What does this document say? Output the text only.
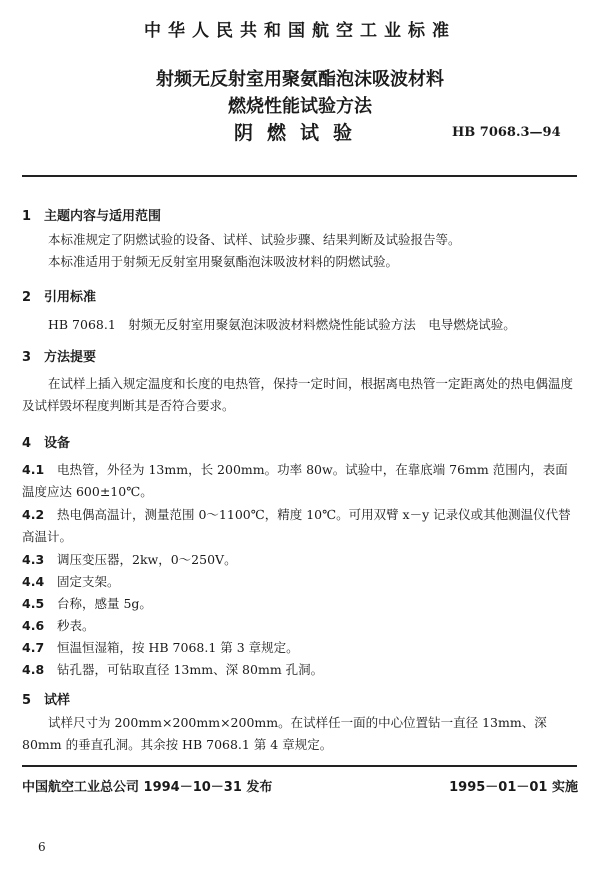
中华人民共和国航空工业标准
射频无反射室用聚氨酯泡沫吸波材料
燃烧性能试验方法
阴燃试验	HB 7068.3—94
1 主题内容与适用范围
本标准规定了阴燃试验的设备、试样、试验步骤、结果判断及试验报告等。
本标准适用于射频无反射室用聚氨酯泡沫吸波材料的阴燃试验。
2 引用标准
HB 7068.1　射频无反射室用聚氨泡沫吸波材料燃烧性能试验方法　电导燃烧试验。
3 方法提要
在试样上插入规定温度和长度的电热管，保持一定时间，根据离电热管一定距离处的热电偶温度及试样毁坏程度判断其是否符合要求。
4 设备
4.1 电热管，外径为 13mm，长 200mm。功率 80w。试验中，在靠底端 76mm 范围内，表面温度应达 600±10℃。
4.2 热电偶高温计，测量范围 0～1100℃，精度 10℃。可用双臂 x－y 记录仪或其他测温仪代替高温计。
4.3 调压变压器，2kw，0～250V。
4.4 固定支架。
4.5 台称，感量 5g。
4.6 秒表。
4.7 恒温恒湿箱，按 HB 7068.1 第 3 章规定。
4.8 钻孔器，可钻取直径 13mm、深 80mm 孔洞。
5 试样
试样尺寸为 200mm×200mm×200mm。在试样任一面的中心位置钻一直径 13mm、深 80mm 的垂直孔洞。其余按 HB 7068.1 第 4 章规定。
中国航空工业总公司 1994－10－31 发布	1995－01－01 实施
6
